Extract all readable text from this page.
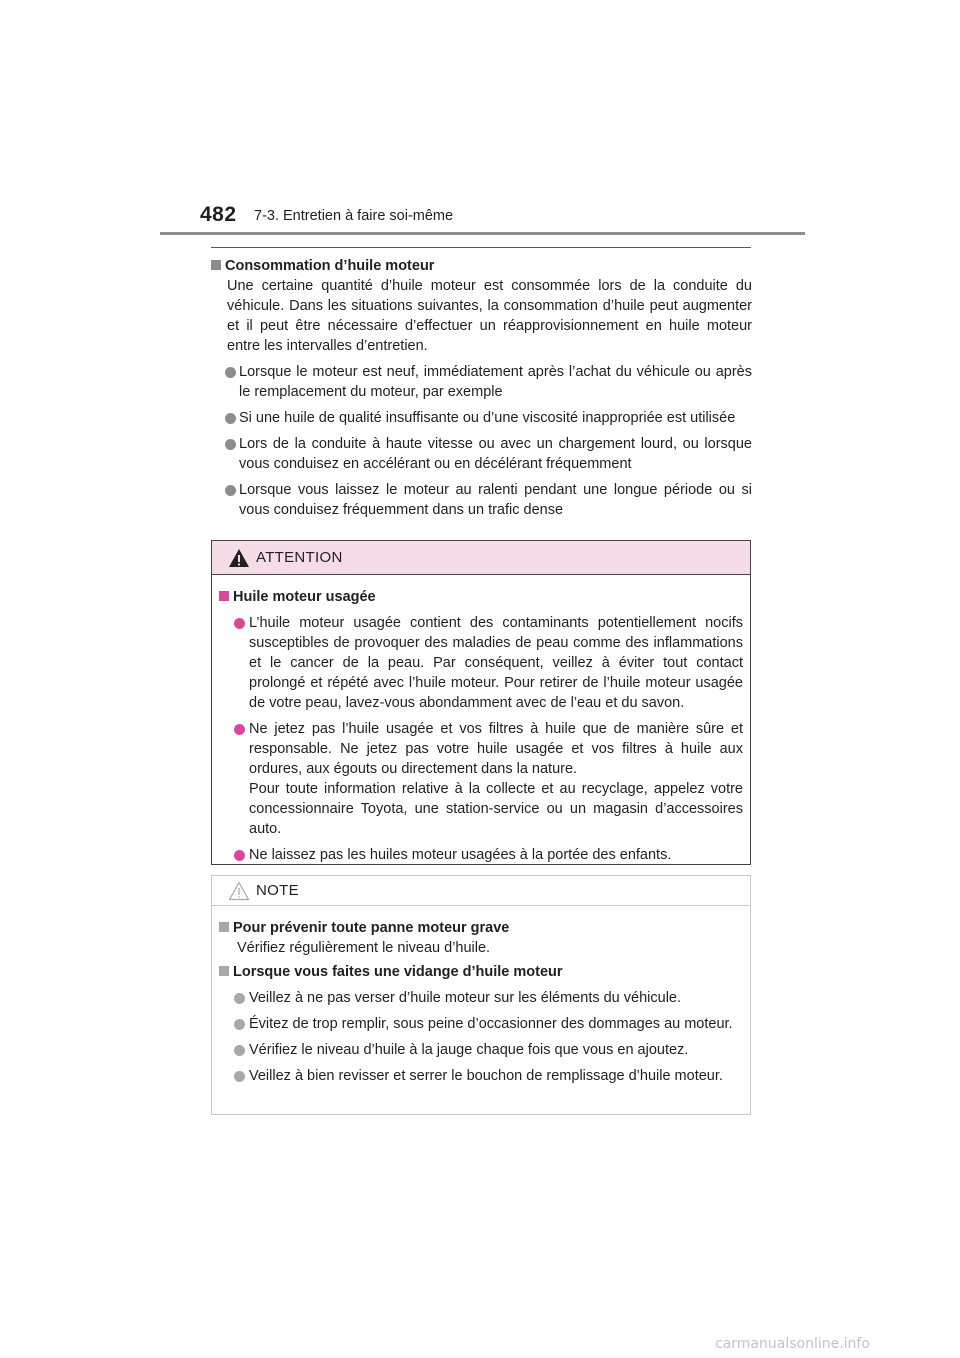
482 7-3. Entretien à faire soi-même

Consommation d’huile moteur

Une certaine quantité d’huile moteur est consommée lors de la conduite du véhicule. Dans les situations suivantes, la consommation d’huile peut augmenter et il peut être nécessaire d’effectuer un réapprovisionnement en huile moteur entre les intervalles d’entretien.

Lorsque le moteur est neuf, immédiatement après l’achat du véhicule ou après le remplacement du moteur, par exemple
Si une huile de qualité insuffisante ou d’une viscosité inappropriée est utilisée
Lors de la conduite à haute vitesse ou avec un chargement lourd, ou lorsque vous conduisez en accélérant ou en décélérant fréquemment
Lorsque vous laissez le moteur au ralenti pendant une longue période ou si vous conduisez fréquemment dans un trafic dense
ATTENTION

Huile moteur usagée

L’huile moteur usagée contient des contaminants potentiellement nocifs susceptibles de provoquer des maladies de peau comme des inflammations et le cancer de la peau. Par conséquent, veillez à éviter tout contact prolongé et répété avec l’huile moteur. Pour retirer de l’huile moteur usagée de votre peau, lavez-vous abondamment avec de l’eau et du savon.
Ne jetez pas l’huile usagée et vos filtres à huile que de manière sûre et responsable. Ne jetez pas votre huile usagée et vos filtres à huile aux ordures, aux égouts ou directement dans la nature.
Pour toute information relative à la collecte et au recyclage, appelez votre concessionnaire Toyota, une station-service ou un magasin d’accessoires auto.
Ne laissez pas les huiles moteur usagées à la portée des enfants.
NOTE

Pour prévenir toute panne moteur grave

Vérifiez régulièrement le niveau d’huile.

Lorsque vous faites une vidange d’huile moteur

Veillez à ne pas verser d’huile moteur sur les éléments du véhicule.
Évitez de trop remplir, sous peine d’occasionner des dommages au moteur.
Vérifiez le niveau d’huile à la jauge chaque fois que vous en ajoutez.
Veillez à bien revisser et serrer le bouchon de remplissage d’huile moteur.
carmanualsonline.info
